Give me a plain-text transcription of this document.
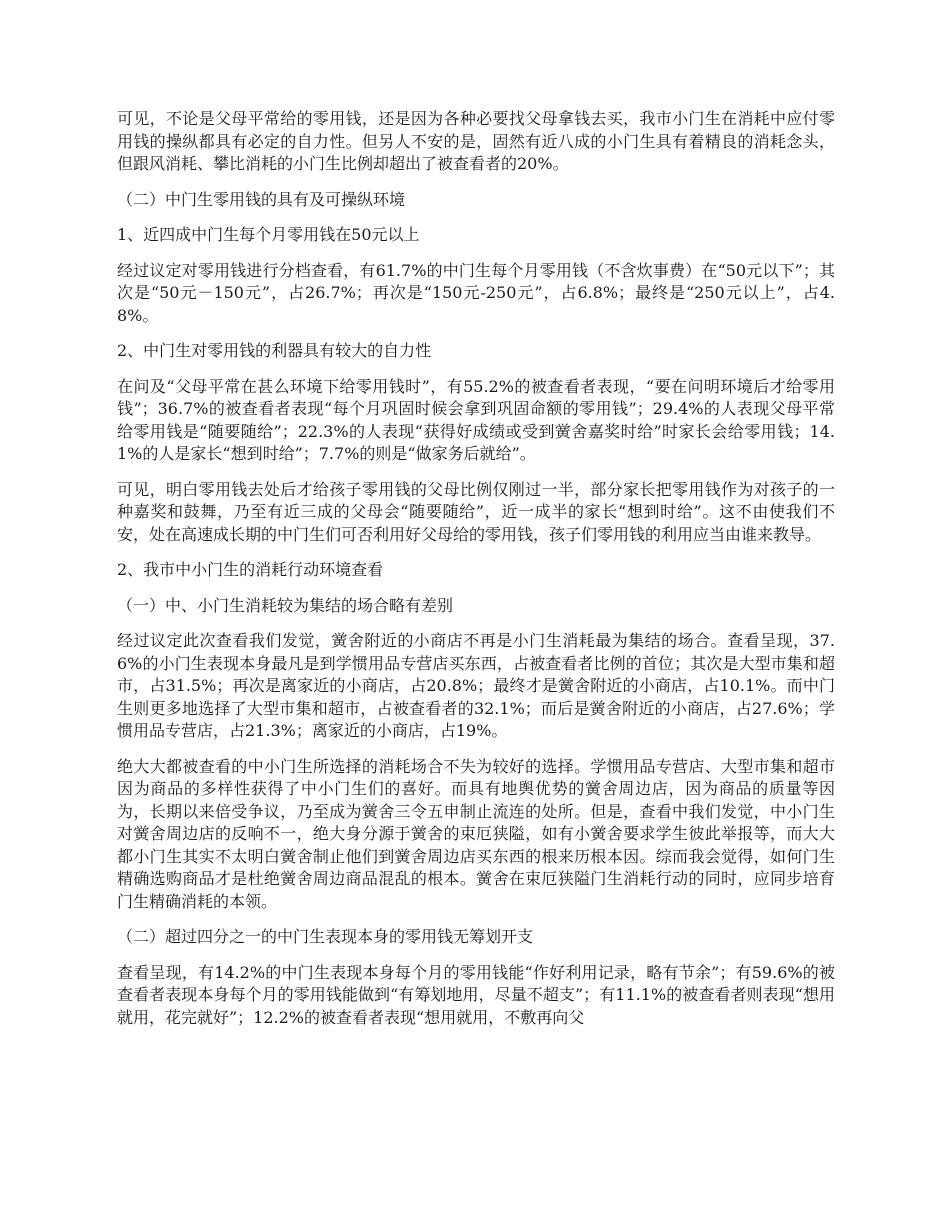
可见，不论是父母平常给的零用钱，还是因为各种必要找父母拿钱去买，我市小门生在消耗中应付零用钱的操纵都具有必定的自力性。但另人不安的是，固然有近八成的小门生具有着精良的消耗念头，但跟风消耗、攀比消耗的小门生比例却超出了被查看者的20%。

（二）中门生零用钱的具有及可操纵环境

1、近四成中门生每个月零用钱在50元以上

经过议定对零用钱进行分档查看，有61.7%的中门生每个月零用钱（不含炊事费）在“50元以下”；其次是“50元－150元”，占26.7%；再次是“150元-250元”，占6.8%；最终是“250元以上”，占4.8%。

2、中门生对零用钱的利器具有较大的自力性

在问及“父母平常在甚么环境下给零用钱时”，有55.2%的被查看者表现，“要在问明环境后才给零用钱”；36.7%的被查看者表现“每个月巩固时候会拿到巩固命额的零用钱”；29.4%的人表现父母平常给零用钱是“随要随给”；22.3%的人表现“获得好成绩或受到黉舍嘉奖时给”时家长会给零用钱；14.1%的人是家长“想到时给”；7.7%的则是“做家务后就给”。

可见，明白零用钱去处后才给孩子零用钱的父母比例仅刚过一半，部分家长把零用钱作为对孩子的一种嘉奖和鼓舞，乃至有近三成的父母会“随要随给”，近一成半的家长“想到时给”。这不由使我们不安，处在高速成长期的中门生们可否利用好父母给的零用钱，孩子们零用钱的利用应当由谁来教导。

2、我市中小门生的消耗行动环境查看

（一）中、小门生消耗较为集结的场合略有差别

经过议定此次查看我们发觉，黉舍附近的小商店不再是小门生消耗最为集结的场合。查看呈现，37.6%的小门生表现本身最凡是到学惯用品专营店买东西，占被查看者比例的首位；其次是大型市集和超市，占31.5%；再次是离家近的小商店，占20.8%；最终才是黉舍附近的小商店，占10.1%。而中门生则更多地选择了大型市集和超市，占被查看者的32.1%；而后是黉舍附近的小商店，占27.6%；学惯用品专营店，占21.3%；离家近的小商店，占19%。

绝大大都被查看的中小门生所选择的消耗场合不失为较好的选择。学惯用品专营店、大型市集和超市因为商品的多样性获得了中小门生们的喜好。而具有地舆优势的黉舍周边店，因为商品的质量等因为，长期以来倍受争议，乃至成为黉舍三令五申制止流连的处所。但是，查看中我们发觉，中小门生对黉舍周边店的反响不一，绝大身分源于黉舍的束厄狭隘，如有小黉舍要求学生彼此举报等，而大大都小门生其实不太明白黉舍制止他们到黉舍周边店买东西的根来历根本因。综而我会觉得，如何门生精确选购商品才是杜绝黉舍周边商品混乱的根本。黉舍在束厄狭隘门生消耗行动的同时，应同步培育门生精确消耗的本领。

（二）超过四分之一的中门生表现本身的零用钱无筹划开支

查看呈现，有14.2%的中门生表现本身每个月的零用钱能“作好利用记录，略有节余”；有59.6%的被查看者表现本身每个月的零用钱能做到“有筹划地用，尽量不超支”；有11.1%的被查看者则表现“想用就用，花完就好”；12.2%的被查看者表现“想用就用，不敷再向父
